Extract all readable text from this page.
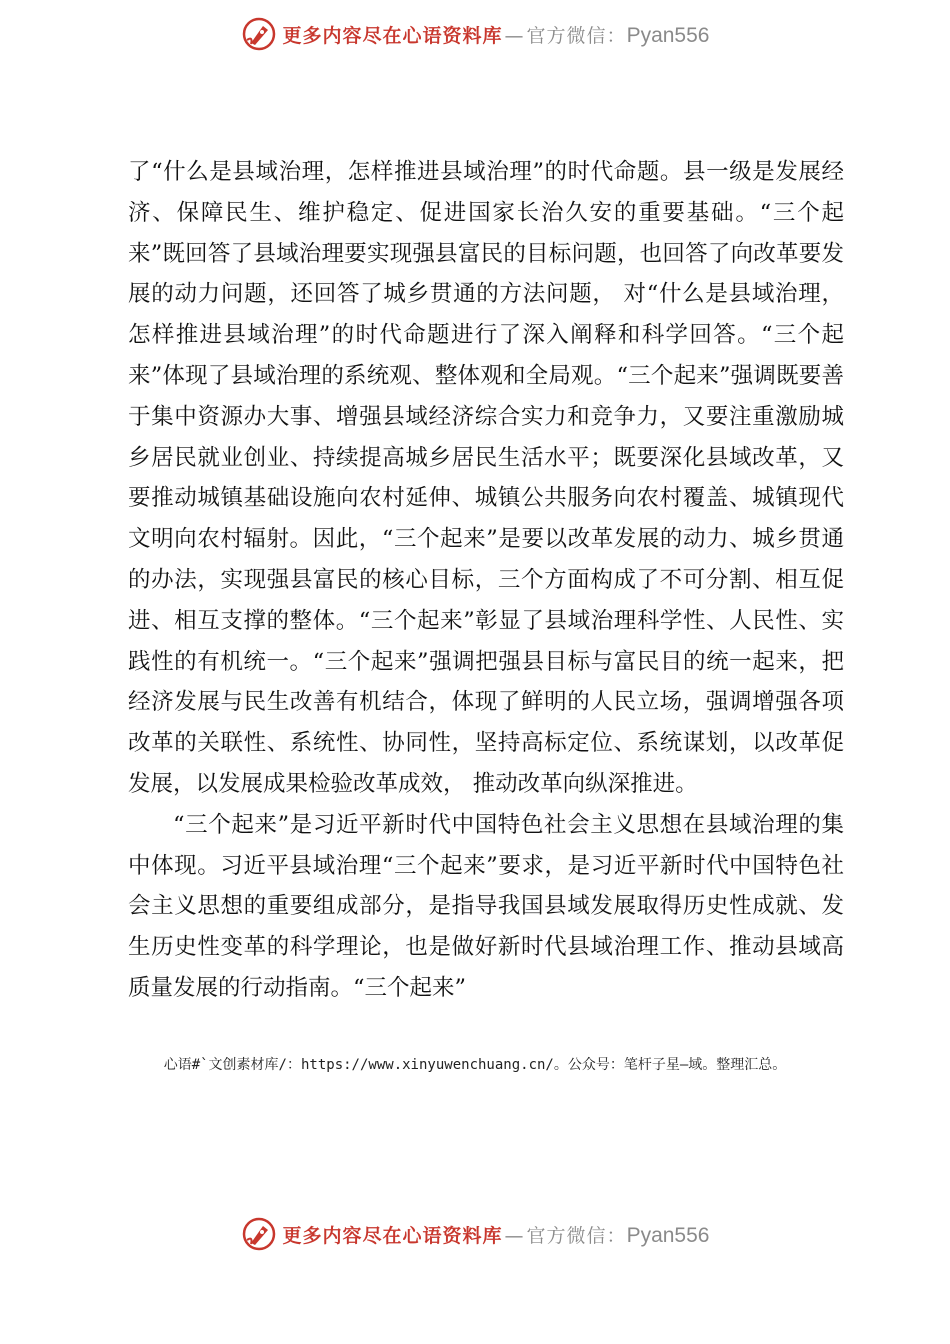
更多内容尽在心语资料库 — 官方微信：Pyan556

了“什么是县域治理，怎样推进县域治理”的时代命题。县一级是发展经济、保障民生、维护稳定、促进国家长治久安的重要基础。“三个起来”既回答了县域治理要实现强县富民的目标问题，也回答了向改革要发展的动力问题，还回答了城乡贯通的方法问题， 对“什么是县域治理，怎样推进县域治理”的时代命题进行了深入阐释和科学回答。“三个起来”体现了县域治理的系统观、整体观和全局观。“三个起来”强调既要善于集中资源办大事、增强县域经济综合实力和竞争力，又要注重激励城乡居民就业创业、持续提高城乡居民生活水平；既要深化县域改革，又要推动城镇基础设施向农村延伸、城镇公共服务向农村覆盖、城镇现代文明向农村辐射。因此，“三个起来”是要以改革发展的动力、城乡贯通的办法，实现强县富民的核心目标，三个方面构成了不可分割、相互促进、相互支撑的整体。“三个起来”彰显了县域治理科学性、人民性、实践性的有机统一。“三个起来”强调把强县目标与富民目的统一起来，把经济发展与民生改善有机结合，体现了鲜明的人民立场，强调增强各项改革的关联性、系统性、协同性，坚持高标定位、系统谋划，以改革促发展，以发展成果检验改革成效， 推动改革向纵深推进。

“三个起来”是习近平新时代中国特色社会主义思想在县域治理的集中体现。习近平县域治理“三个起来”要求，是习近平新时代中国特色社会主义思想的重要组成部分，是指导我国县域发展取得历史性成就、发生历史性变革的科学理论，也是做好新时代县域治理工作、推动县域高质量发展的行动指南。“三个起来”

心语#`文创素材库/：https://www.xinyuwenchuang.cn/。公众号：笔杆子星—域。整理汇总。
更多内容尽在心语资料库 — 官方微信：Pyan556
